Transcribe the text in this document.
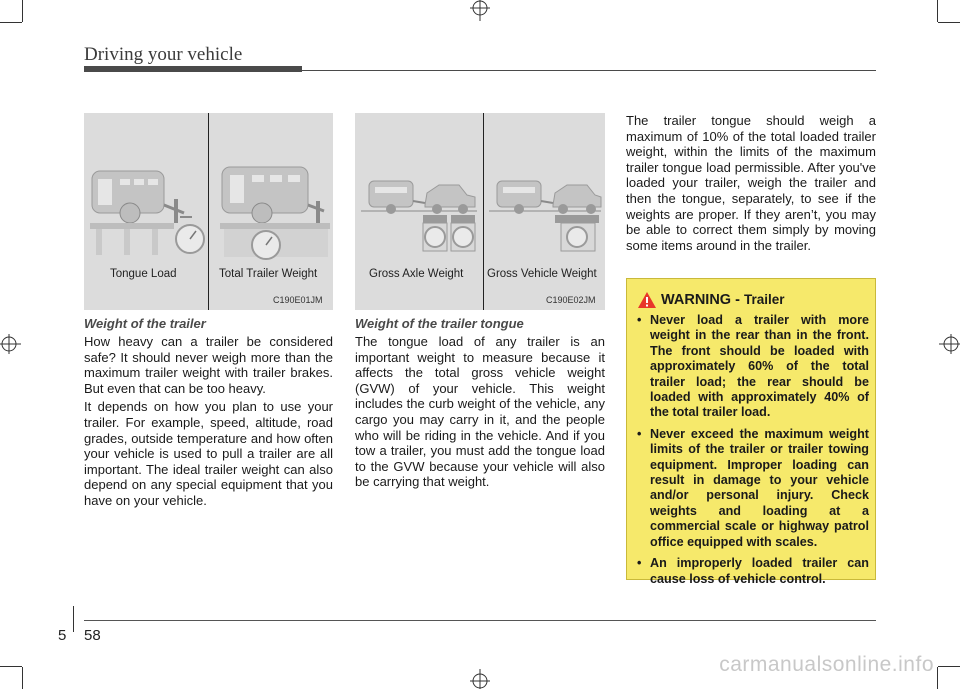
Driving your vehicle
Tongue Load	Total Trailer Weight
C190E01JM
Gross Axle Weight Gross Vehicle Weight
C190E02JM
Weight of the trailer

How heavy can a trailer be considered safe? It should never weigh more than the maximum trailer weight with trailer brakes. But even that can be too heavy.

It depends on how you plan to use your trailer. For example, speed, altitude, road grades, outside temperature and how often your vehicle is used to pull a trailer are all important. The ideal trailer weight can also depend on any special equipment that you have on your vehicle.

Weight of the trailer tongue

The tongue load of any trailer is an important weight to measure because it affects the total gross vehicle weight (GVW) of your vehicle. This weight includes the curb weight of the vehicle, any cargo you may carry in it, and the people who will be riding in the vehicle. And if you tow a trailer, you must add the tongue load to the GVW because your vehicle will also be carrying that weight.

The trailer tongue should weigh a maximum of 10% of the total loaded trailer weight, within the limits of the maximum trailer tongue load permissible. After you've loaded your trailer, weigh the trailer and then the tongue, separately, to see if the weights are proper. If they aren’t, you may be able to correct them simply by moving some items around in the trailer.

WARNING - Trailer
• Never load a trailer with more weight in the rear than in the front. The front should be loaded with approximately 60% of the total trailer load; the rear should be loaded with approximately 40% of the total trailer load.
• Never exceed the maximum weight limits of the trailer or trailer towing equipment. Improper loading can result in damage to your vehicle and/or personal injury. Check weights and loading at a commercial scale or highway patrol office equipped with scales.
• An improperly loaded trailer can cause loss of vehicle control.
5 58
carmanualsonline.info
